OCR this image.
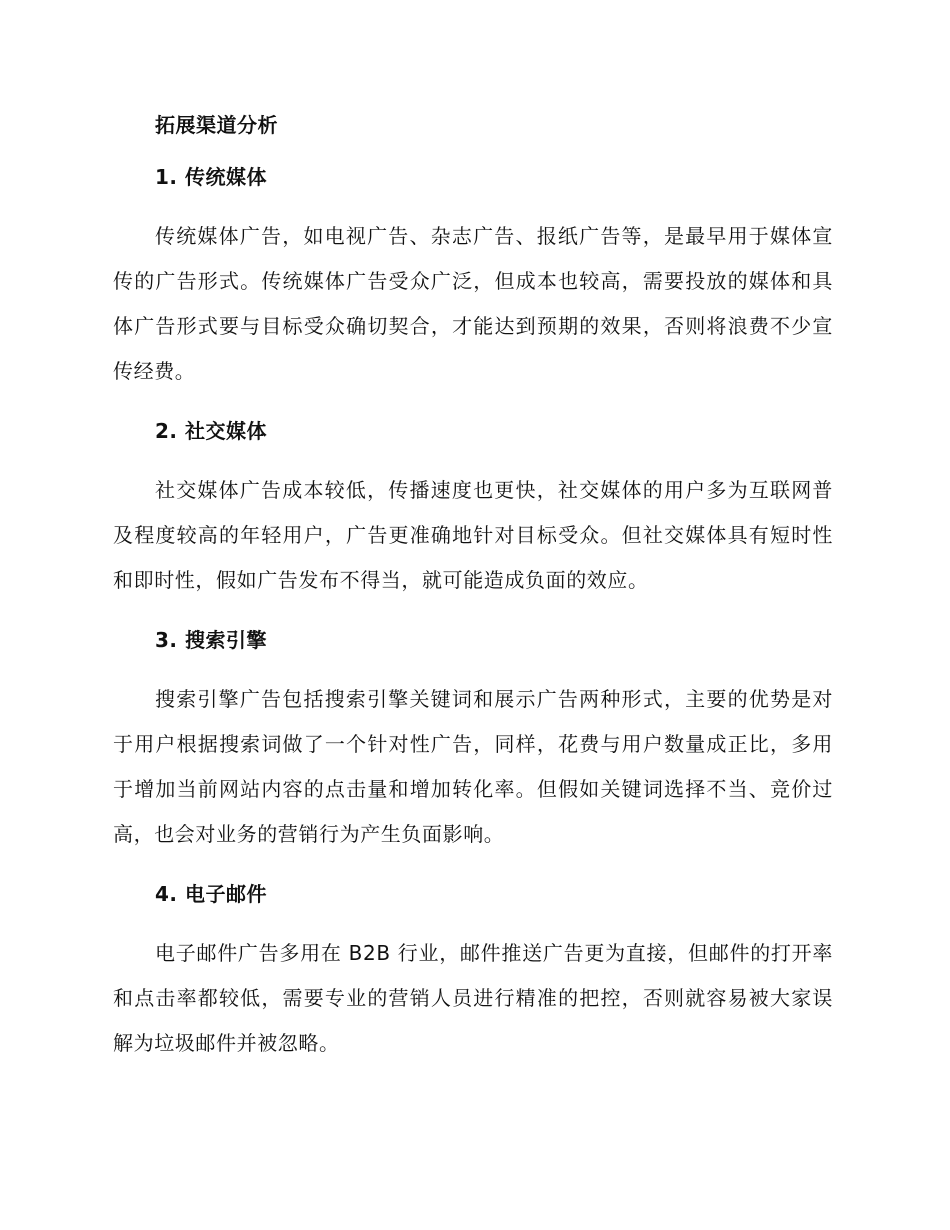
拓展渠道分析
1. 传统媒体
传统媒体广告，如电视广告、杂志广告、报纸广告等，是最早用于媒体宣传的广告形式。传统媒体广告受众广泛，但成本也较高，需要投放的媒体和具体广告形式要与目标受众确切契合，才能达到预期的效果，否则将浪费不少宣传经费。
2. 社交媒体
社交媒体广告成本较低，传播速度也更快，社交媒体的用户多为互联网普及程度较高的年轻用户，广告更准确地针对目标受众。但社交媒体具有短时性和即时性，假如广告发布不得当，就可能造成负面的效应。
3. 搜索引擎
搜索引擎广告包括搜索引擎关键词和展示广告两种形式，主要的优势是对于用户根据搜索词做了一个针对性广告，同样，花费与用户数量成正比，多用于增加当前网站内容的点击量和增加转化率。但假如关键词选择不当、竞价过高，也会对业务的营销行为产生负面影响。
4. 电子邮件
电子邮件广告多用在 B2B 行业，邮件推送广告更为直接，但邮件的打开率和点击率都较低，需要专业的营销人员进行精准的把控，否则就容易被大家误解为垃圾邮件并被忽略。
